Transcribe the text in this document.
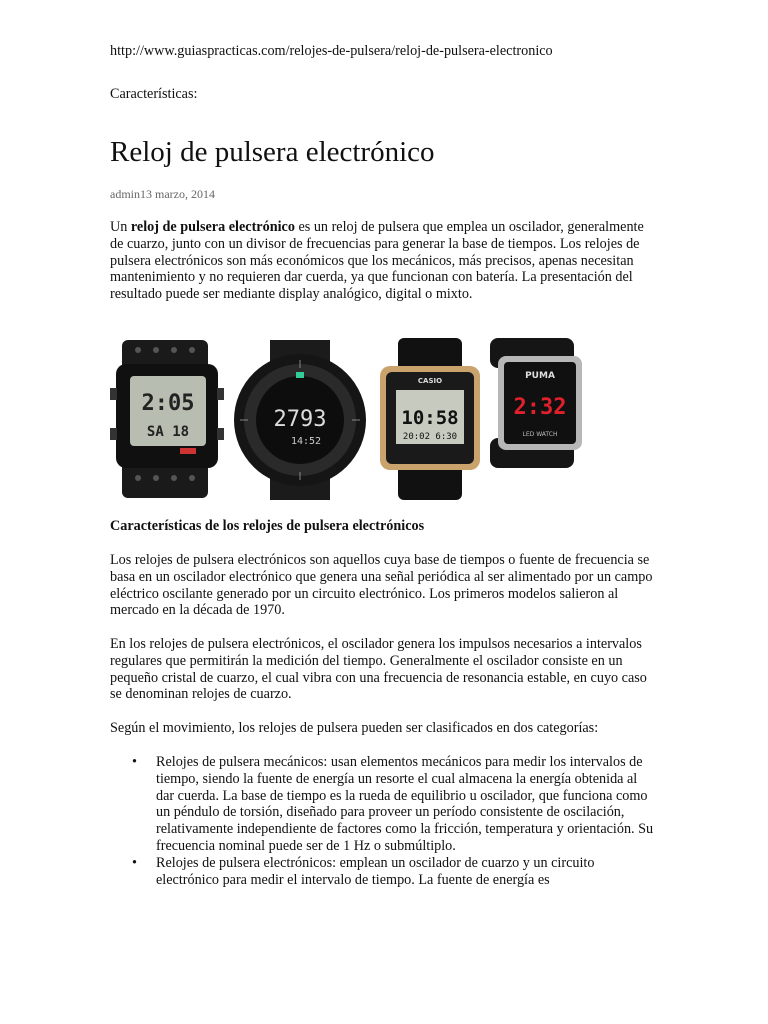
http://www.guiaspracticas.com/relojes-de-pulsera/reloj-de-pulsera-electronico
Características:
Reloj de pulsera electrónico
admin13 marzo, 2014

Un reloj de pulsera electrónico es un reloj de pulsera que emplea un oscilador, generalmente de cuarzo, junto con un divisor de frecuencias para generar la base de tiempos. Los relojes de pulsera electrónicos son más económicos que los mecánicos, más precisos, apenas necesitan mantenimiento y no requieren dar cuerda, ya que funcionan con batería. La presentación del resultado puede ser mediante display analógico, digital o mixto.

Características de los relojes de pulsera electrónicos

Los relojes de pulsera electrónicos son aquellos cuya base de tiempos o fuente de frecuencia se basa en un oscilador electrónico que genera una señal periódica al ser alimentado por un campo eléctrico oscilante generado por un circuito electrónico. Los primeros modelos salieron al mercado en la década de 1970.

En los relojes de pulsera electrónicos, el oscilador genera los impulsos necesarios a intervalos regulares que permitirán la medición del tiempo. Generalmente el oscilador consiste en un pequeño cristal de cuarzo, el cual vibra con una frecuencia de resonancia estable, en cuyo caso se denominan relojes de cuarzo.

Según el movimiento, los relojes de pulsera pueden ser clasificados en dos categorías:

• Relojes de pulsera mecánicos: usan elementos mecánicos para medir los intervalos de tiempo, siendo la fuente de energía un resorte el cual almacena la energía obtenida al dar cuerda. La base de tiempo es la rueda de equilibrio u oscilador, que funciona como un péndulo de torsión, diseñado para proveer un período consistente de oscilación, relativamente independiente de factores como la fricción, temperatura y orientación. Su frecuencia nominal puede ser de 1 Hz o submúltiplo.
• Relojes de pulsera electrónicos: emplean un oscilador de cuarzo y un circuito electrónico para medir el intervalo de tiempo. La fuente de energía es
2:05
SA 18	2793
14:52
CASIO
10:58
20:02 6:30
PUMA
2:32
LED WATCH
